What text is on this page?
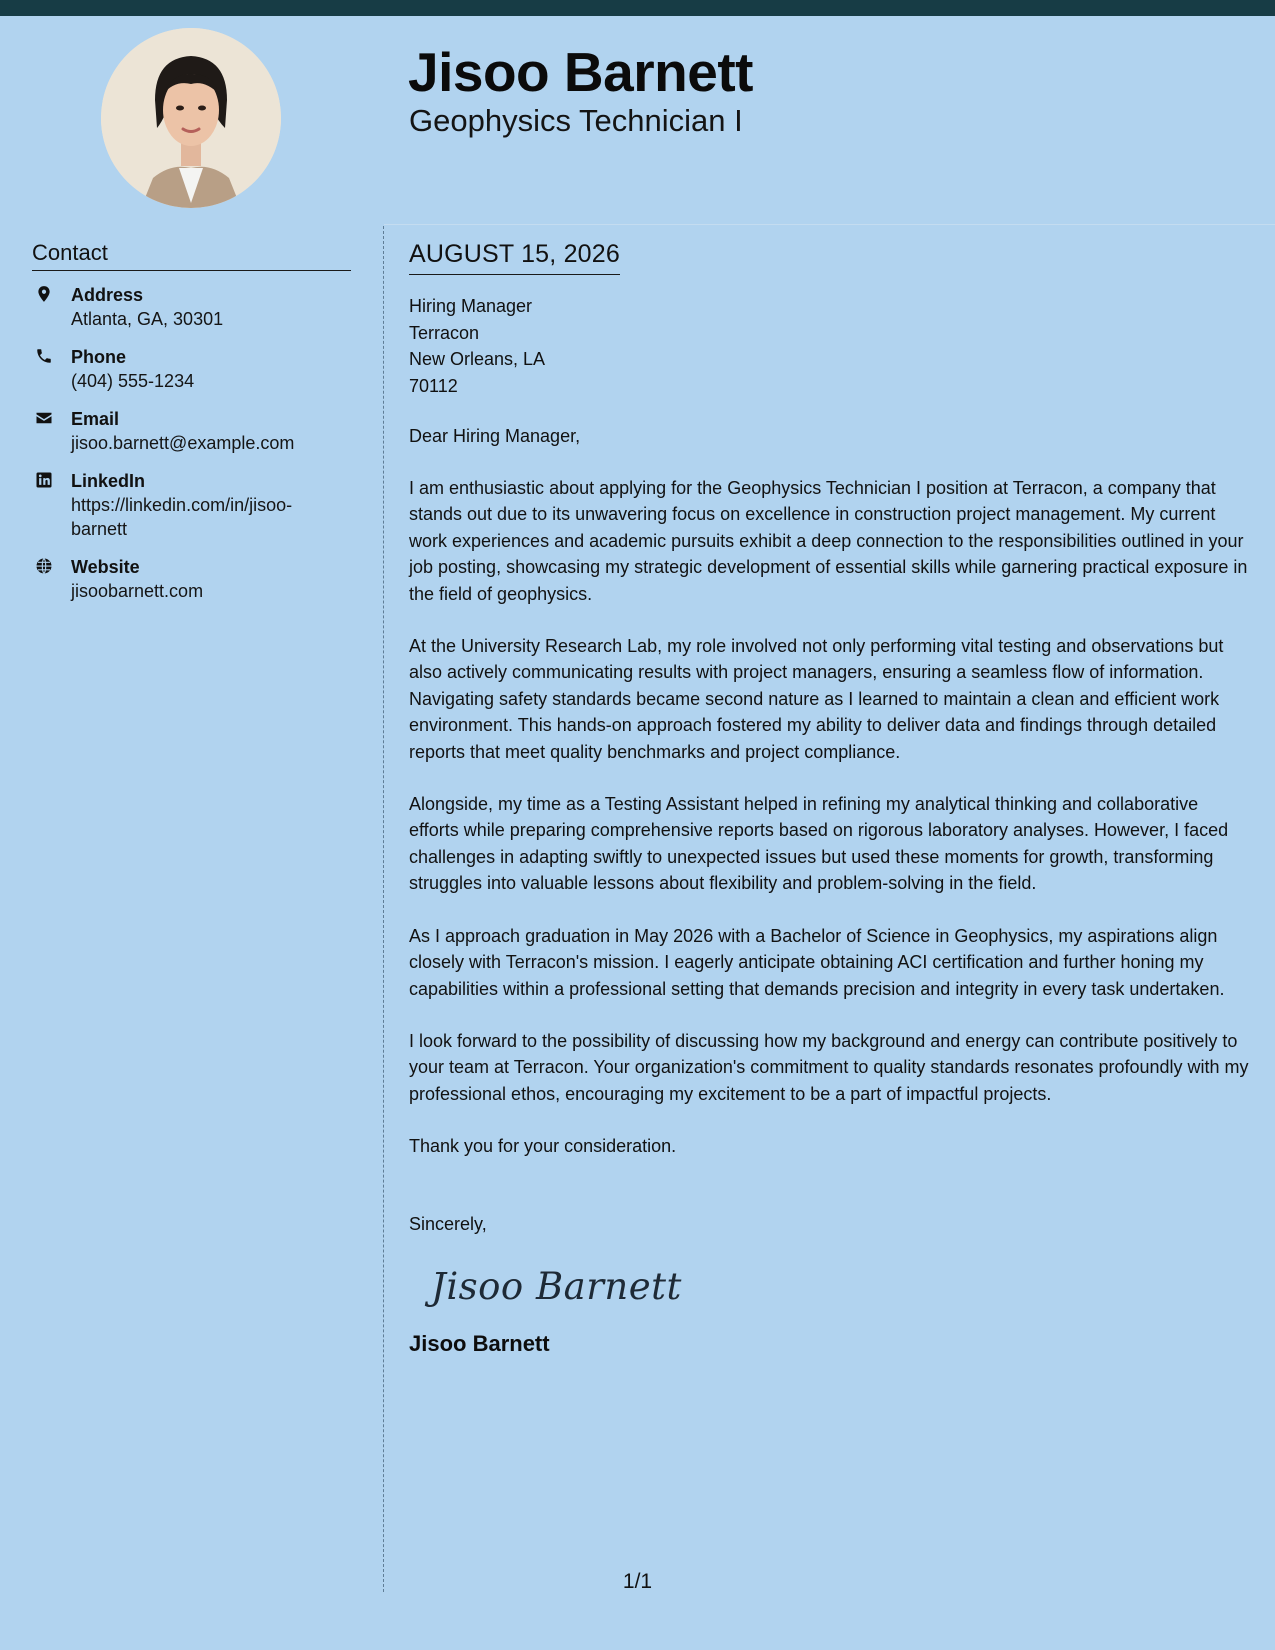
Jisoo Barnett
Geophysics Technician I
Contact
Address
Atlanta, GA, 30301
Phone
(404) 555-1234
Email
jisoo.barnett@example.com
LinkedIn
https://linkedin.com/in/jisoo-barnett
Website
jisoobarnett.com
AUGUST 15, 2026
Hiring Manager
Terracon
New Orleans, LA
70112

Dear Hiring Manager,

I am enthusiastic about applying for the Geophysics Technician I position at Terracon, a company that stands out due to its unwavering focus on excellence in construction project management. My current work experiences and academic pursuits exhibit a deep connection to the responsibilities outlined in your job posting, showcasing my strategic development of essential skills while garnering practical exposure in the field of geophysics.

At the University Research Lab, my role involved not only performing vital testing and observations but also actively communicating results with project managers, ensuring a seamless flow of information. Navigating safety standards became second nature as I learned to maintain a clean and efficient work environment. This hands-on approach fostered my ability to deliver data and findings through detailed reports that meet quality benchmarks and project compliance.

Alongside, my time as a Testing Assistant helped in refining my analytical thinking and collaborative efforts while preparing comprehensive reports based on rigorous laboratory analyses. However, I faced challenges in adapting swiftly to unexpected issues but used these moments for growth, transforming struggles into valuable lessons about flexibility and problem-solving in the field.

As I approach graduation in May 2026 with a Bachelor of Science in Geophysics, my aspirations align closely with Terracon's mission. I eagerly anticipate obtaining ACI certification and further honing my capabilities within a professional setting that demands precision and integrity in every task undertaken.

I look forward to the possibility of discussing how my background and energy can contribute positively to your team at Terracon. Your organization's commitment to quality standards resonates profoundly with my professional ethos, encouraging my excitement to be a part of impactful projects.

Thank you for your consideration.

Sincerely,

Jisoo Barnett
Jisoo Barnett
1/1
